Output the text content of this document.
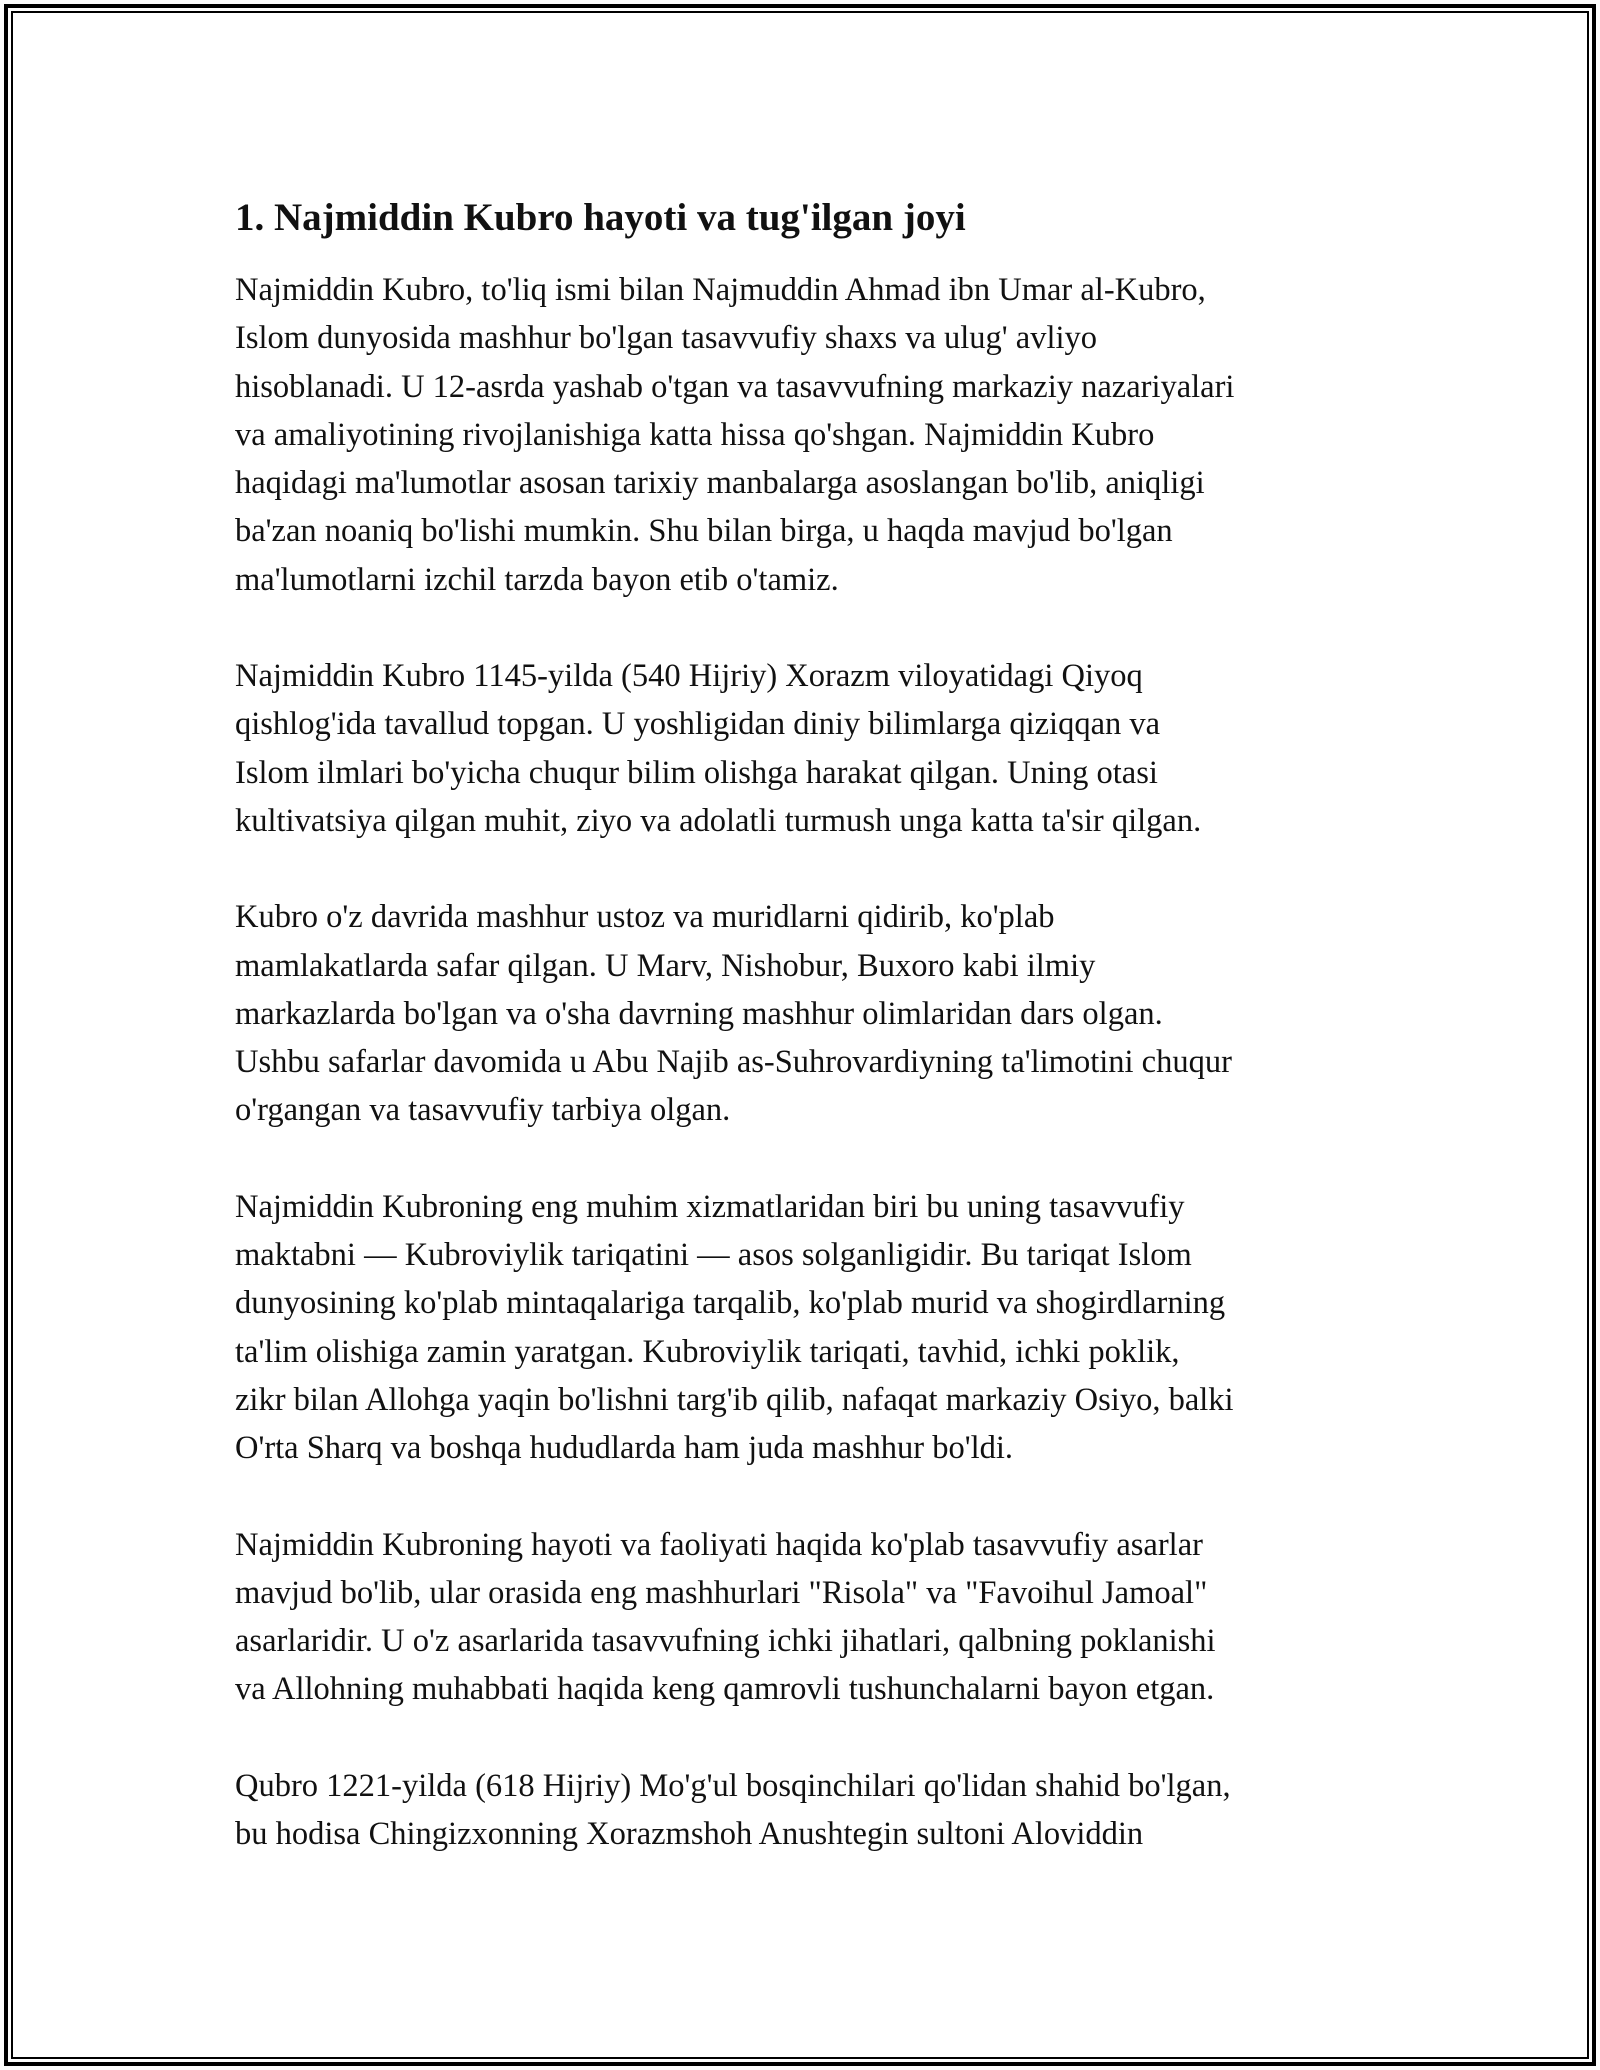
1. Najmiddin Kubro hayoti va tug'ilgan joyi

Najmiddin Kubro, to'liq ismi bilan Najmuddin Ahmad ibn Umar al-Kubro,
Islom dunyosida mashhur bo'lgan tasavvufiy shaxs va ulug' avliyo
hisoblanadi. U 12-asrda yashab o'tgan va tasavvufning markaziy nazariyalari
va amaliyotining rivojlanishiga katta hissa qo'shgan. Najmiddin Kubro
haqidagi ma'lumotlar asosan tarixiy manbalarga asoslangan bo'lib, aniqligi
ba'zan noaniq bo'lishi mumkin. Shu bilan birga, u haqda mavjud bo'lgan
ma'lumotlarni izchil tarzda bayon etib o'tamiz.

Najmiddin Kubro 1145-yilda (540 Hijriy) Xorazm viloyatidagi Qiyoq
qishlog'ida tavallud topgan. U yoshligidan diniy bilimlarga qiziqqan va
Islom ilmlari bo'yicha chuqur bilim olishga harakat qilgan. Uning otasi
kultivatsiya qilgan muhit, ziyo va adolatli turmush unga katta ta'sir qilgan.

Kubro o'z davrida mashhur ustoz va muridlarni qidirib, ko'plab
mamlakatlarda safar qilgan. U Marv, Nishobur, Buxoro kabi ilmiy
markazlarda bo'lgan va o'sha davrning mashhur olimlaridan dars olgan.
Ushbu safarlar davomida u Abu Najib as-Suhrovardiyning ta'limotini chuqur
o'rgangan va tasavvufiy tarbiya olgan.

Najmiddin Kubroning eng muhim xizmatlaridan biri bu uning tasavvufiy
maktabni — Kubroviylik tariqatini — asos solganligidir. Bu tariqat Islom
dunyosining ko'plab mintaqalariga tarqalib, ko'plab murid va shogirdlarning
ta'lim olishiga zamin yaratgan. Kubroviylik tariqati, tavhid, ichki poklik,
zikr bilan Allohga yaqin bo'lishni targ'ib qilib, nafaqat markaziy Osiyo, balki
O'rta Sharq va boshqa hududlarda ham juda mashhur bo'ldi.

Najmiddin Kubroning hayoti va faoliyati haqida ko'plab tasavvufiy asarlar
mavjud bo'lib, ular orasida eng mashhurlari "Risola" va "Favoihul Jamoal"
asarlaridir. U o'z asarlarida tasavvufning ichki jihatlari, qalbning poklanishi
va Allohning muhabbati haqida keng qamrovli tushunchalarni bayon etgan.

Qubro 1221-yilda (618 Hijriy) Mo'g'ul bosqinchilari qo'lidan shahid bo'lgan,
bu hodisa Chingizxonning Xorazmshoh Anushtegin sultoni Aloviddin
